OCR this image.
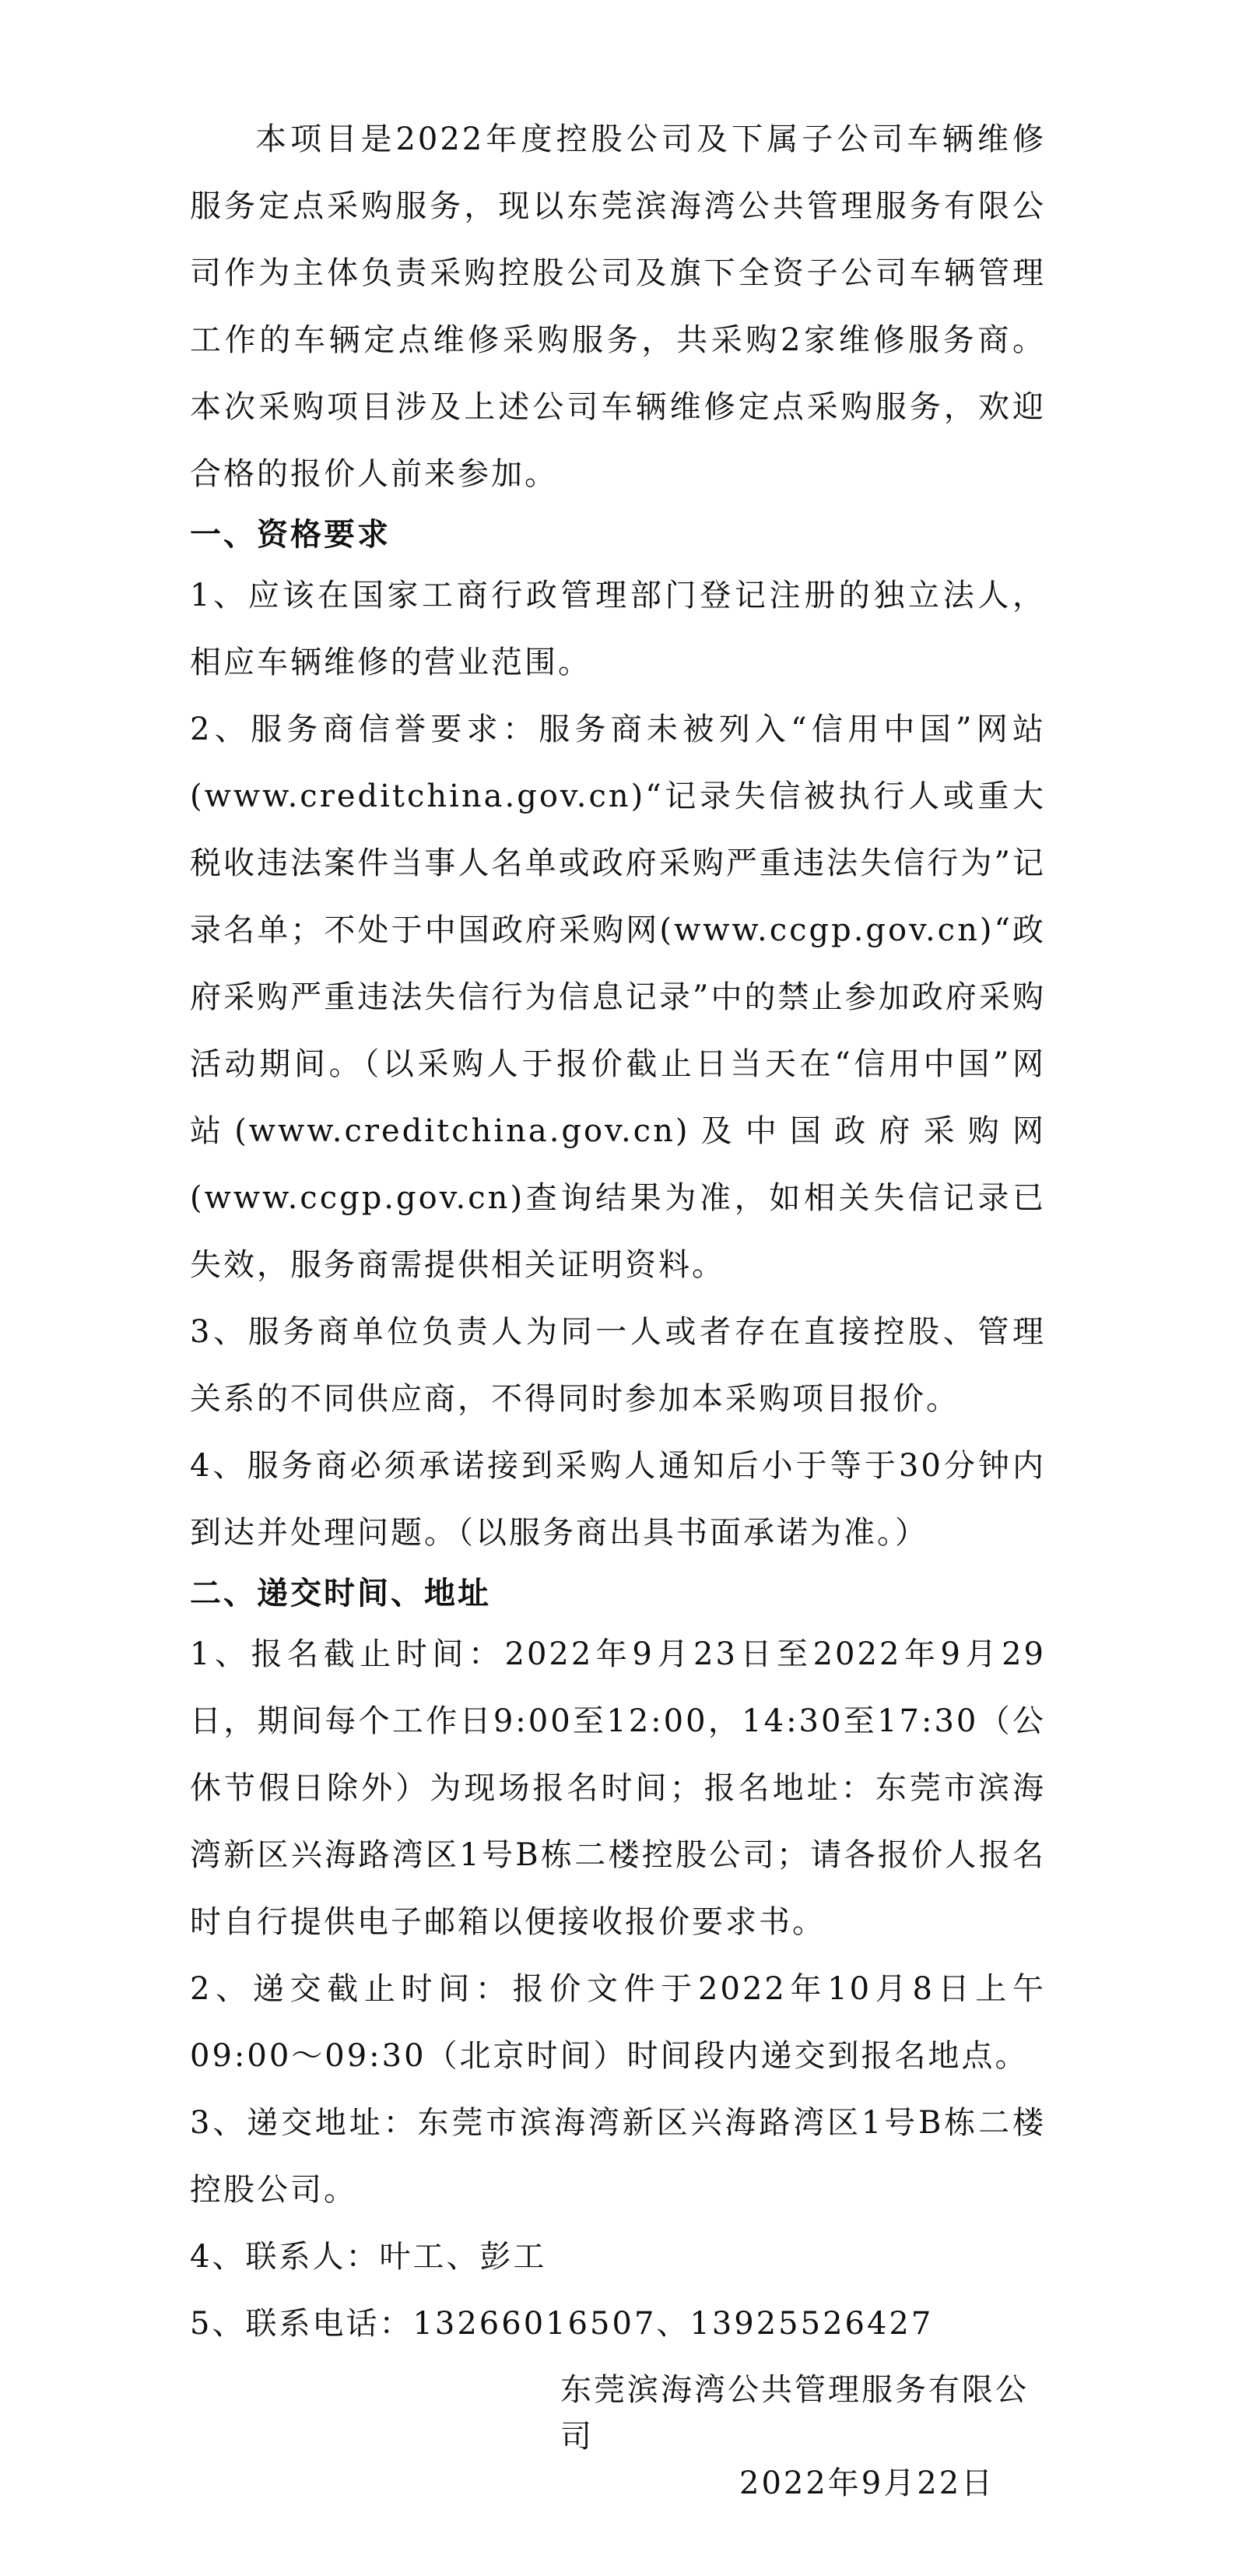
本项目是2022年度控股公司及下属子公司车辆维修服务定点采购服务，现以东莞滨海湾公共管理服务有限公司作为主体负责采购控股公司及旗下全资子公司车辆管理工作的车辆定点维修采购服务，共采购2家维修服务商。本次采购项目涉及上述公司车辆维修定点采购服务，欢迎合格的报价人前来参加。

一、资格要求

1、应该在国家工商行政管理部门登记注册的独立法人，相应车辆维修的营业范围。

2、服务商信誉要求：服务商未被列入“信用中国”网站(www.creditchina.gov.cn)“记录失信被执行人或重大税收违法案件当事人名单或政府采购严重违法失信行为”记录名单；不处于中国政府采购网(www.ccgp.gov.cn)“政府采购严重违法失信行为信息记录”中的禁止参加政府采购活动期间。（以采购人于报价截止日当天在“信用中国”网站(www.creditchina.gov.cn)及中国政府采购网(www.ccgp.gov.cn)查询结果为准，如相关失信记录已失效，服务商需提供相关证明资料。

3、服务商单位负责人为同一人或者存在直接控股、管理关系的不同供应商，不得同时参加本采购项目报价。

4、服务商必须承诺接到采购人通知后小于等于30分钟内到达并处理问题。（以服务商出具书面承诺为准。）

二、递交时间、地址

1、报名截止时间：2022年9月23日至2022年9月29日，期间每个工作日9:00至12:00，14:30至17:30（公休节假日除外）为现场报名时间；报名地址：东莞市滨海湾新区兴海路湾区1号B栋二楼控股公司；请各报价人报名时自行提供电子邮箱以便接收报价要求书。

2、递交截止时间：报价文件于2022年10月8日上午09:00～09:30（北京时间）时间段内递交到报名地点。

3、递交地址：东莞市滨海湾新区兴海路湾区1号B栋二楼控股公司。

4、联系人：叶工、彭工

5、联系电话：13266016507、13925526427

东莞滨海湾公共管理服务有限公司
2022年9月22日
